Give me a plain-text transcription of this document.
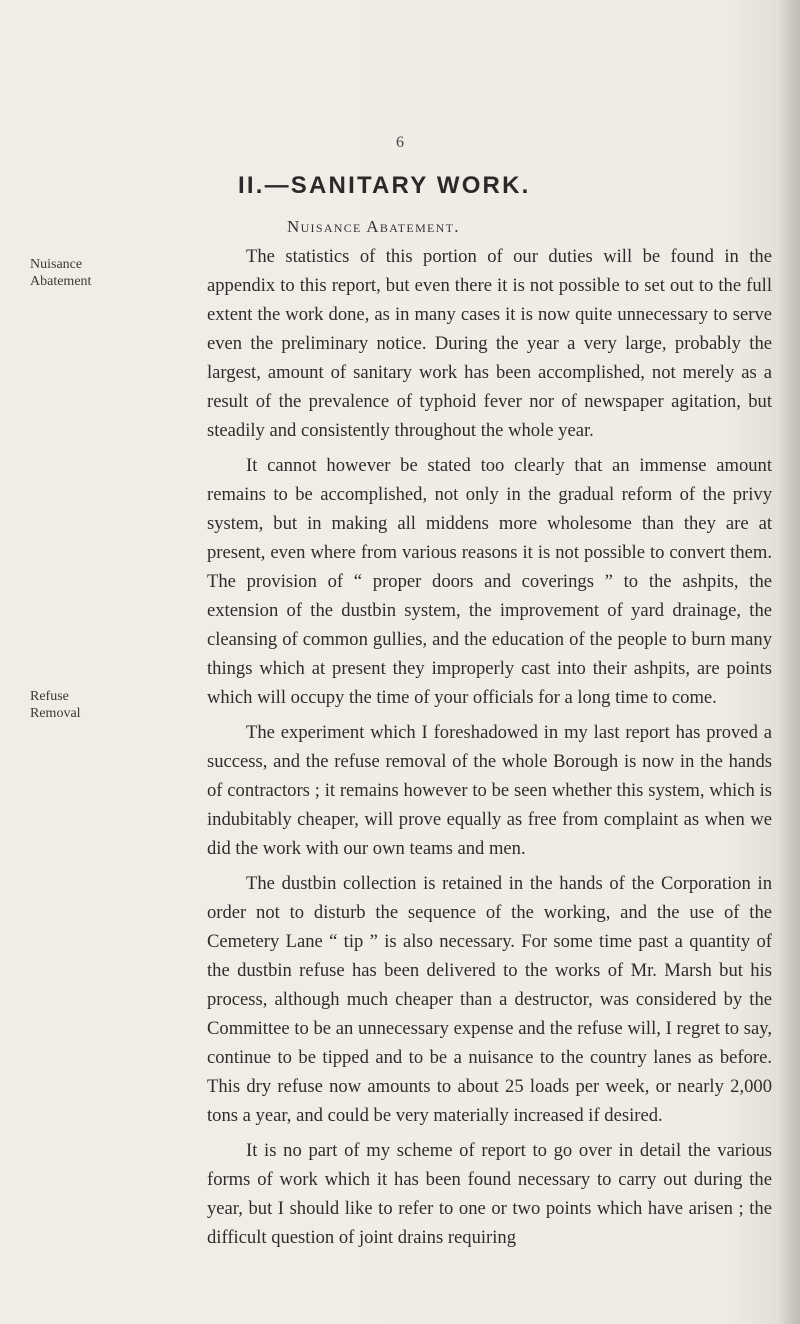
6
II.—SANITARY WORK.
Nuisance Abatement.
Nuisance
Abatement
Refuse
Removal

The statistics of this portion of our duties will be found in the appendix to this report, but even there it is not possible to set out to the full extent the work done, as in many cases it is now quite unnecessary to serve even the preliminary notice. During the year a very large, probably the largest, amount of sanitary work has been accomplished, not merely as a result of the prevalence of typhoid fever nor of newspaper agitation, but steadily and consistently throughout the whole year.

It cannot however be stated too clearly that an immense amount remains to be accomplished, not only in the gradual reform of the privy system, but in making all middens more wholesome than they are at present, even where from various reasons it is not possible to convert them. The provision of “ proper doors and coverings ” to the ashpits, the extension of the dustbin system, the improvement of yard drainage, the cleansing of common gullies, and the education of the people to burn many things which at present they improperly cast into their ashpits, are points which will occupy the time of your officials for a long time to come.

The experiment which I foreshadowed in my last report has proved a success, and the refuse removal of the whole Borough is now in the hands of contractors ; it remains however to be seen whether this system, which is indubitably cheaper, will prove equally as free from complaint as when we did the work with our own teams and men.

The dustbin collection is retained in the hands of the Corporation in order not to disturb the sequence of the working, and the use of the Cemetery Lane “ tip ” is also necessary. For some time past a quantity of the dustbin refuse has been delivered to the works of Mr. Marsh but his process, although much cheaper than a destructor, was considered by the Committee to be an unnecessary expense and the refuse will, I regret to say, continue to be tipped and to be a nuisance to the country lanes as before. This dry refuse now amounts to about 25 loads per week, or nearly 2,000 tons a year, and could be very materially increased if desired.

It is no part of my scheme of report to go over in detail the various forms of work which it has been found necessary to carry out during the year, but I should like to refer to one or two points which have arisen ; the difficult question of joint drains requiring
